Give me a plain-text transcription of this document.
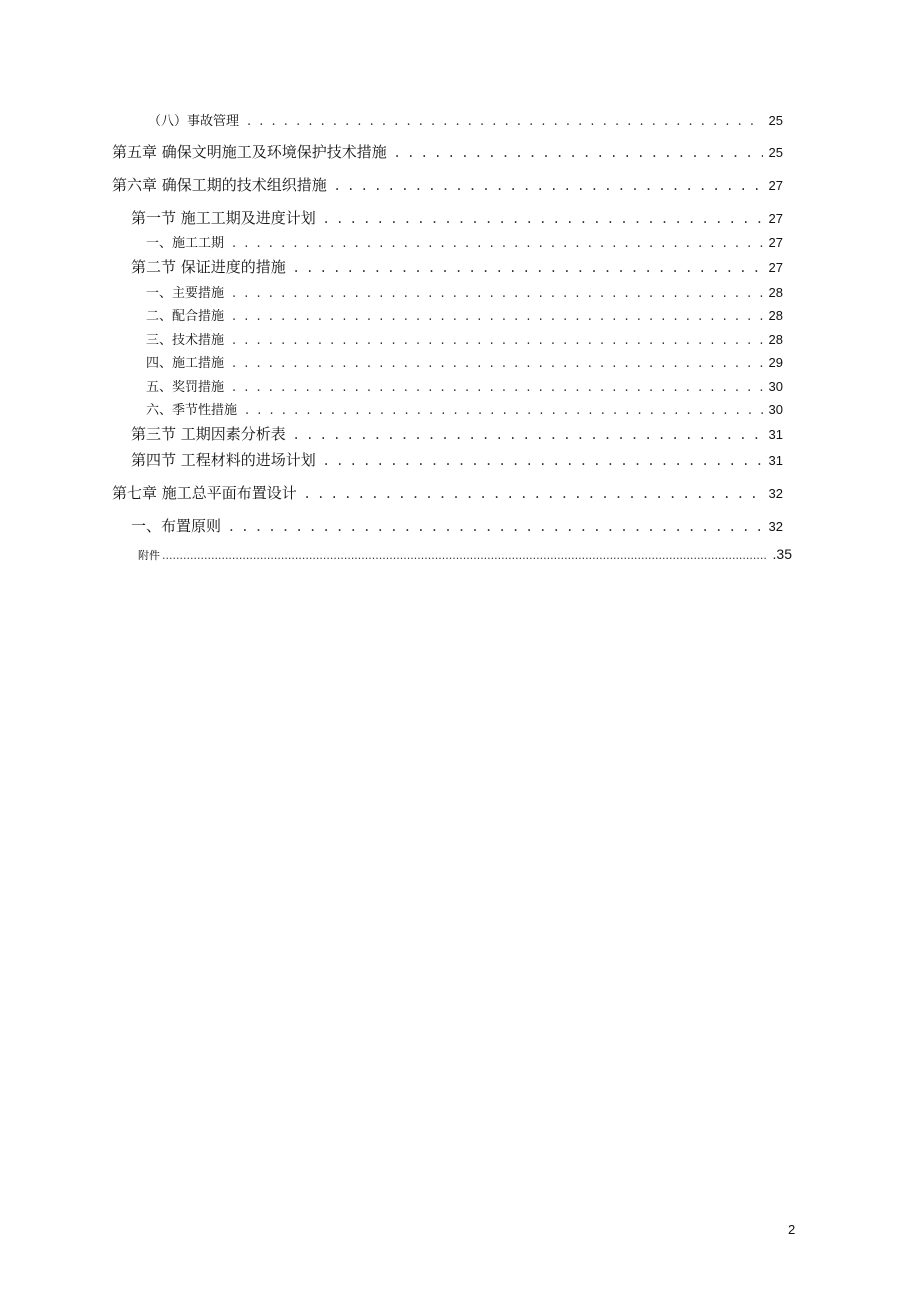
（八）事故管理 . . .	25
第五章 确保文明施工及环境保护技术措施 . . .	25
第六章 确保工期的技术组织措施 . . .	27
第一节 施工工期及进度计划 . . .	27
一、施工工期 . . .	27
第二节 保证进度的措施 . . .	27
一、主要措施 . . .	28
二、配合措施 . . .	28
三、技术措施 . . .	28
四、施工措施 . . .	29
五、奖罚措施 . . .	30
六、季节性措施 . . .	30
第三节 工期因素分析表 . . .	31
第四节 工程材料的进场计划 . . .	31
第七章 施工总平面布置设计 . . .	32
一、布置原则 . . .	32
附件 .....	.35
2
